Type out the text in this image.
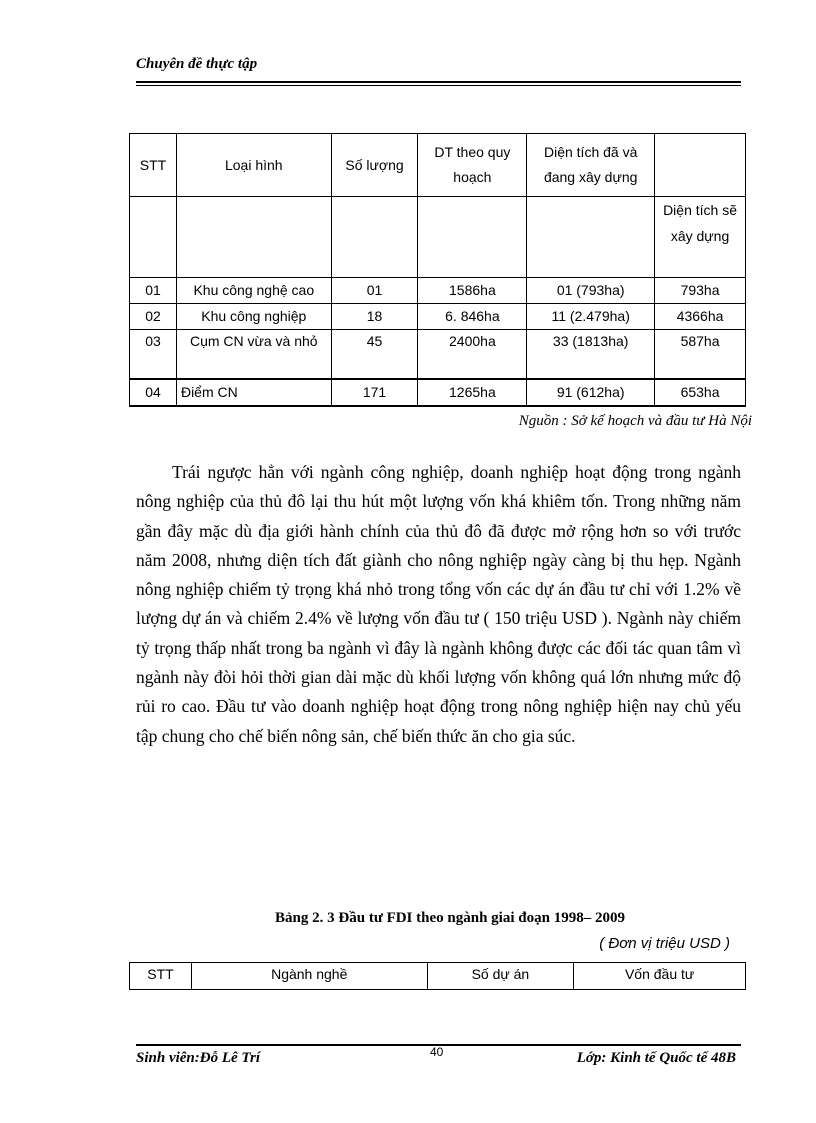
Chuyên đề thực tập
STT	Loại hình	Số lượng	DT theo quy hoạch	Diện tích đã và đang xây dựng	
					Diện tích sẽ xây dựng
01	Khu công nghệ cao	01	1586ha	01 (793ha)	793ha
02	Khu công nghiệp	18	6. 846ha	11 (2.479ha)	4366ha
03	Cụm CN vừa và nhỏ	45	2400ha	33 (1813ha)	587ha
04	Điểm CN	171	1265ha	91 (612ha)	653ha
Nguồn : Sở kế hoạch và đầu tư Hà Nội

Trái ngược hẳn với ngành công nghiệp, doanh nghiệp hoạt động trong ngành nông nghiệp của thủ đô lại thu hút một lượng vốn khá khiêm tốn. Trong những năm gần đây mặc dù địa giới hành chính của thủ đô đã được mở rộng hơn so với trước năm 2008, nhưng diện tích đất giành cho nông nghiệp ngày càng bị thu hẹp. Ngành nông nghiệp chiếm tỷ trọng khá nhỏ trong tổng vốn các dự án đầu tư chỉ với 1.2% về lượng dự án và chiếm 2.4% về lượng vốn đầu tư ( 150 triệu USD ). Ngành này chiếm tỷ trọng thấp nhất trong ba ngành vì đây là ngành không được các đối tác quan tâm vì ngành này đòi hỏi thời gian dài mặc dù khối lượng vốn không quá lớn nhưng mức độ rủi ro cao. Đầu tư vào doanh nghiệp hoạt động trong nông nghiệp hiện nay chủ yếu tập chung cho chế biến nông sản, chế biến thức ăn cho gia súc.

Bảng 2. 3 Đầu tư FDI theo ngành giai đoạn 1998– 2009
( Đơn vị triệu USD )
STT	Ngành nghề	Số dự án	Vốn đầu tư
Sinh viên:Đỗ Lê Trí	40	Lớp: Kinh tế Quốc tế 48B
